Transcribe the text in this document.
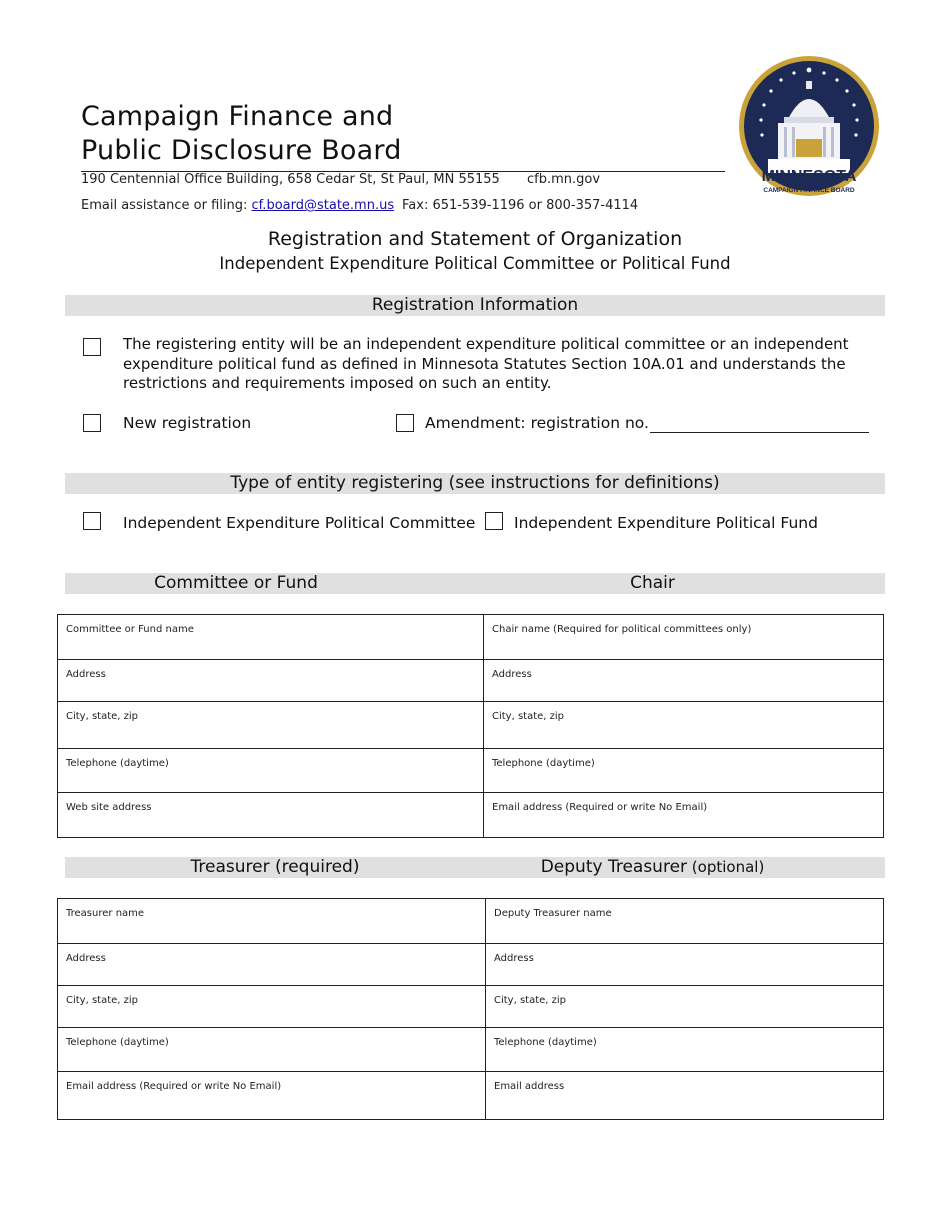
Campaign Finance and
Public Disclosure Board
190 Centennial Office Building, 658 Cedar St, St Paul, MN 55155 cfb.mn.gov
Email assistance or filing: cf.board@state.mn.us Fax: 651-539-1196 or 800-357-4114
MINNESOTA
CAMPAIGN FINANCE BOARD
Registration and Statement of Organization
Independent Expenditure Political Committee or Political Fund
Registration Information
The registering entity will be an independent expenditure political committee or an independent expenditure political fund as defined in Minnesota Statutes Section 10A.01 and understands the restrictions and requirements imposed on such an entity.
New registration	Amendment: registration no.
Type of entity registering (see instructions for definitions)
Independent Expenditure Political Committee Independent Expenditure Political Fund
Committee or Fund	Chair
Committee or Fund name	Chair name (Required for political committees only)
Address	Address
City, state, zip	City, state, zip
Telephone (daytime)	Telephone (daytime)
Web site address	Email address (Required or write No Email)
Treasurer (required)	Deputy Treasurer (optional)
Treasurer name	Deputy Treasurer name
Address	Address
City, state, zip	City, state, zip
Telephone (daytime)	Telephone (daytime)
Email address (Required or write No Email)	Email address
